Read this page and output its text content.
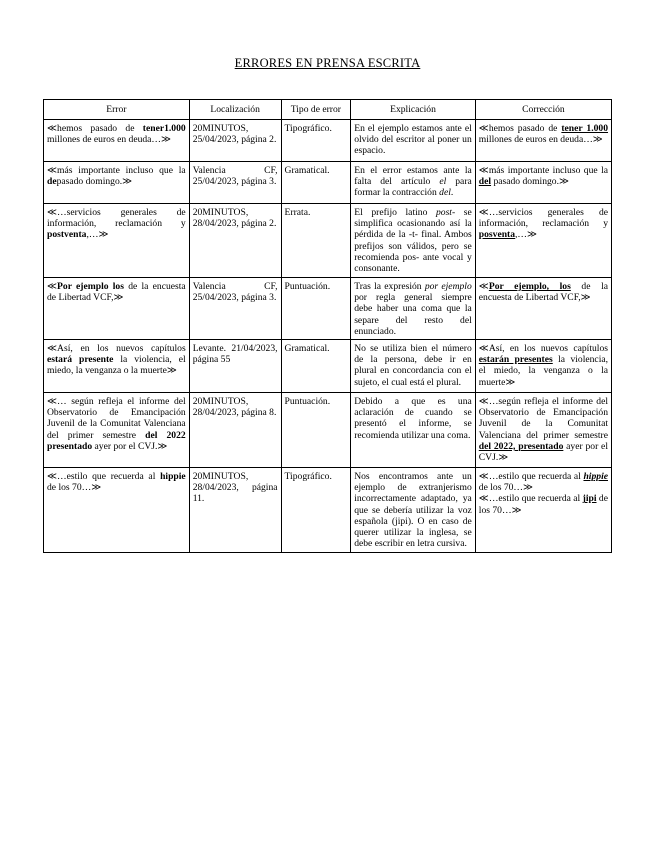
ERRORES EN PRENSA ESCRITA
Error	Localización	Tipo de error	Explicación	Corrección
≪hemos pasado de tener1.000 millones de euros en deuda…≫	20MINUTOS, 25/04/2023, página 2.	Tipográfico.	En el ejemplo estamos ante el olvido del escritor al poner un espacio.	≪hemos pasado de tener 1.000 millones de euros en deuda…≫
≪más importante incluso que la depasado domingo.≫	Valencia CF, 25/04/2023, página 3.	Gramatical.	En el error estamos ante la falta del artículo el para formar la contracción del.	≪más importante incluso que la del pasado domingo.≫
≪…servicios generales de información, reclamación y postventa,…≫	20MINUTOS, 28/04/2023, página 2.	Errata.	El prefijo latino post- se simplifica ocasionando así la pérdida de la -t- final. Ambos prefijos son válidos, pero se recomienda pos- ante vocal y consonante.	≪…servicios generales de información, reclamación y posventa,…≫
≪Por ejemplo los de la encuesta de Libertad VCF,≫	Valencia CF, 25/04/2023, página 3.	Puntuación.	Tras la expresión por ejemplo por regla general siempre debe haber una coma que la separe del resto del enunciado.	≪Por ejemplo, los de la encuesta de Libertad VCF,≫
≪Así, en los nuevos capítulos estará presente la violencia, el miedo, la venganza o la muerte≫	Levante. 21/04/2023, página 55	Gramatical.	No se utiliza bien el número de la persona, debe ir en plural en concordancia con el sujeto, el cual está el plural.	≪Así, en los nuevos capítulos estarán presentes la violencia, el miedo, la venganza o la muerte≫
≪… según refleja el informe del Observatorio de Emancipación Juvenil de la Comunitat Valenciana del primer semestre del 2022 presentado ayer por el CVJ.≫	20MINUTOS, 28/04/2023, página 8.	Puntuación.	Debido a que es una aclaración de cuando se presentó el informe, se recomienda utilizar una coma.	≪…según refleja el informe del Observatorio de Emancipación Juvenil de la Comunitat Valenciana del primer semestre del 2022, presentado ayer por el CVJ.≫
≪…estilo que recuerda al hippie de los 70…≫	20MINUTOS, 28/04/2023, página 11.	Tipográfico.	Nos encontramos ante un ejemplo de extranjerismo incorrectamente adaptado, ya que se debería utilizar la voz española (jipi). O en caso de querer utilizar la inglesa, se debe escribir en letra cursiva.	≪…estilo que recuerda al hippie de los 70…≫
≪…estilo que recuerda al jipi de los 70…≫
